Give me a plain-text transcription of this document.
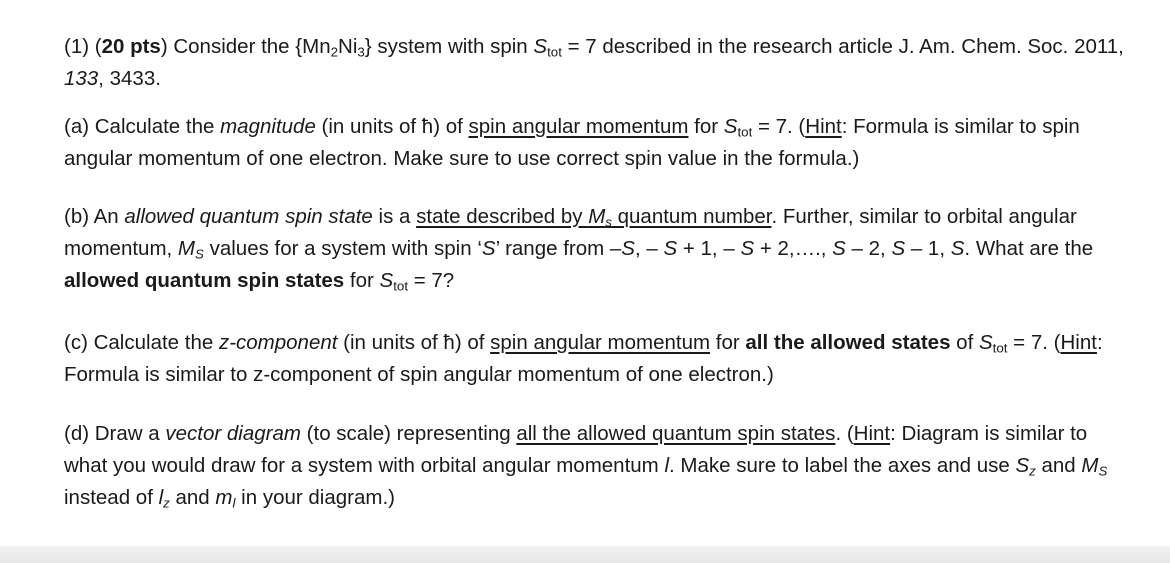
(1) (20 pts) Consider the $\{Mn_2Ni_3\}$ system with spin $S_{tot} = 7$ described in the research article J. Am. Chem. Soc. 2011, 133, 3433.

(a) Calculate the magnitude (in units of ħ) of spin angular momentum for $S_{tot} = 7$. (Hint: Formula is similar to spin angular momentum of one electron. Make sure to use correct spin value in the formula.)

(b) An allowed quantum spin state is a state described by $M_s$ quantum number. Further, similar to orbital angular momentum, $M_S$ values for a system with spin ‘S’ range from –S, – S + 1, – S + 2,…., S – 2, S – 1, S. What are the allowed quantum spin states for $S_{tot} = 7$?

(c) Calculate the z-component (in units of ħ) of spin angular momentum for all the allowed states of $S_{tot} = 7$. (Hint: Formula is similar to z-component of spin angular momentum of one electron.)

(d) Draw a vector diagram (to scale) representing all the allowed quantum spin states. (Hint: Diagram is similar to what you would draw for a system with orbital angular momentum l. Make sure to label the axes and use $S_z$ and $M_S$ instead of $l_z$ and $m_l$ in your diagram.)
